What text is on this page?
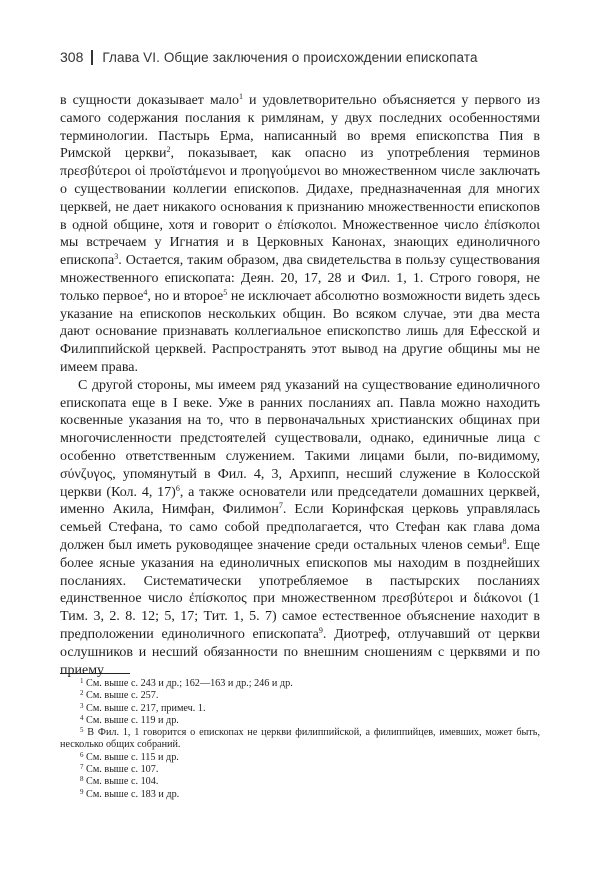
308 Глава VI. Общие заключения о происхождении епископата

в сущности доказывает мало$^1$ и удовлетворительно объясняется у первого из самого содержания послания к римлянам, у двух последних особенностями терминологии. Пастырь Ерма, написанный во время епископства Пия в Римской церкви$^2$, показывает, как опасно из употребления терминов πρεσβύτεροι οἱ προϊστάμενοι и προηγούμενοι во множественном числе заключать о существовании коллегии епископов. Дидахе, предназначенная для многих церквей, не дает никакого основания к признанию множественности епископов в одной общине, хотя и говорит о ἐπίσκοποι. Множественное число ἐπίσκοποι мы встречаем у Игнатия и в Церковных Канонах, знающих единоличного епископа$^3$. Остается, таким образом, два свидетельства в пользу существования множественного епископата: Деян. 20, 17, 28 и Фил. 1, 1. Строго говоря, не только первое$^4$, но и второе$^5$ не исключает абсолютно возможности видеть здесь указание на епископов нескольких общин. Во всяком случае, эти два места дают основание признавать коллегиальное епископство лишь для Ефесской и Филиппийской церквей. Распространять этот вывод на другие общины мы не имеем права.

С другой стороны, мы имеем ряд указаний на существование единоличного епископата еще в I веке. Уже в ранних посланиях ап. Павла можно находить косвенные указания на то, что в первоначальных христианских общинах при многочисленности предстоятелей существовали, однако, единичные лица с особенно ответственным служением. Такими лицами были, по-видимому, σύνζυγος, упомянутый в Фил. 4, 3, Архипп, несший служение в Колосской церкви (Кол. 4, 17)$^6$, а также основатели или председатели домашних церквей, именно Акила, Нимфан, Филимон$^7$. Если Коринфская церковь управлялась семьей Стефана, то само собой предполагается, что Стефан как глава дома должен был иметь руководящее значение среди остальных членов семьи$^8$. Еще более ясные указания на единоличных епископов мы находим в позднейших посланиях. Систематически употребляемое в пастырских посланиях единственное число ἐπίσκοπος при множественном πρεσβύτεροι и διάκονοι (1 Тим. 3, 2. 8. 12; 5, 17; Тит. 1, 5. 7) самое естественное объяснение находит в предположении единоличного епископата$^9$. Диотреф, отлучавший от церкви ослушников и несший обязанности по внешним сношениям с церквями и по приему

$^1$ См. выше с. 243 и др.; 162—163 и др.; 246 и др.

$^2$ См. выше с. 257.

$^3$ См. выше с. 217, примеч. 1.

$^4$ См. выше с. 119 и др.

$^5$ В Фил. 1, 1 говорится о епископах не церкви филиппийской, а филиппийцев, имевших, может быть, несколько общих собраний.

$^6$ См. выше с. 115 и др.

$^7$ См. выше с. 107.

$^8$ См. выше с. 104.

$^9$ См. выше с. 183 и др.
